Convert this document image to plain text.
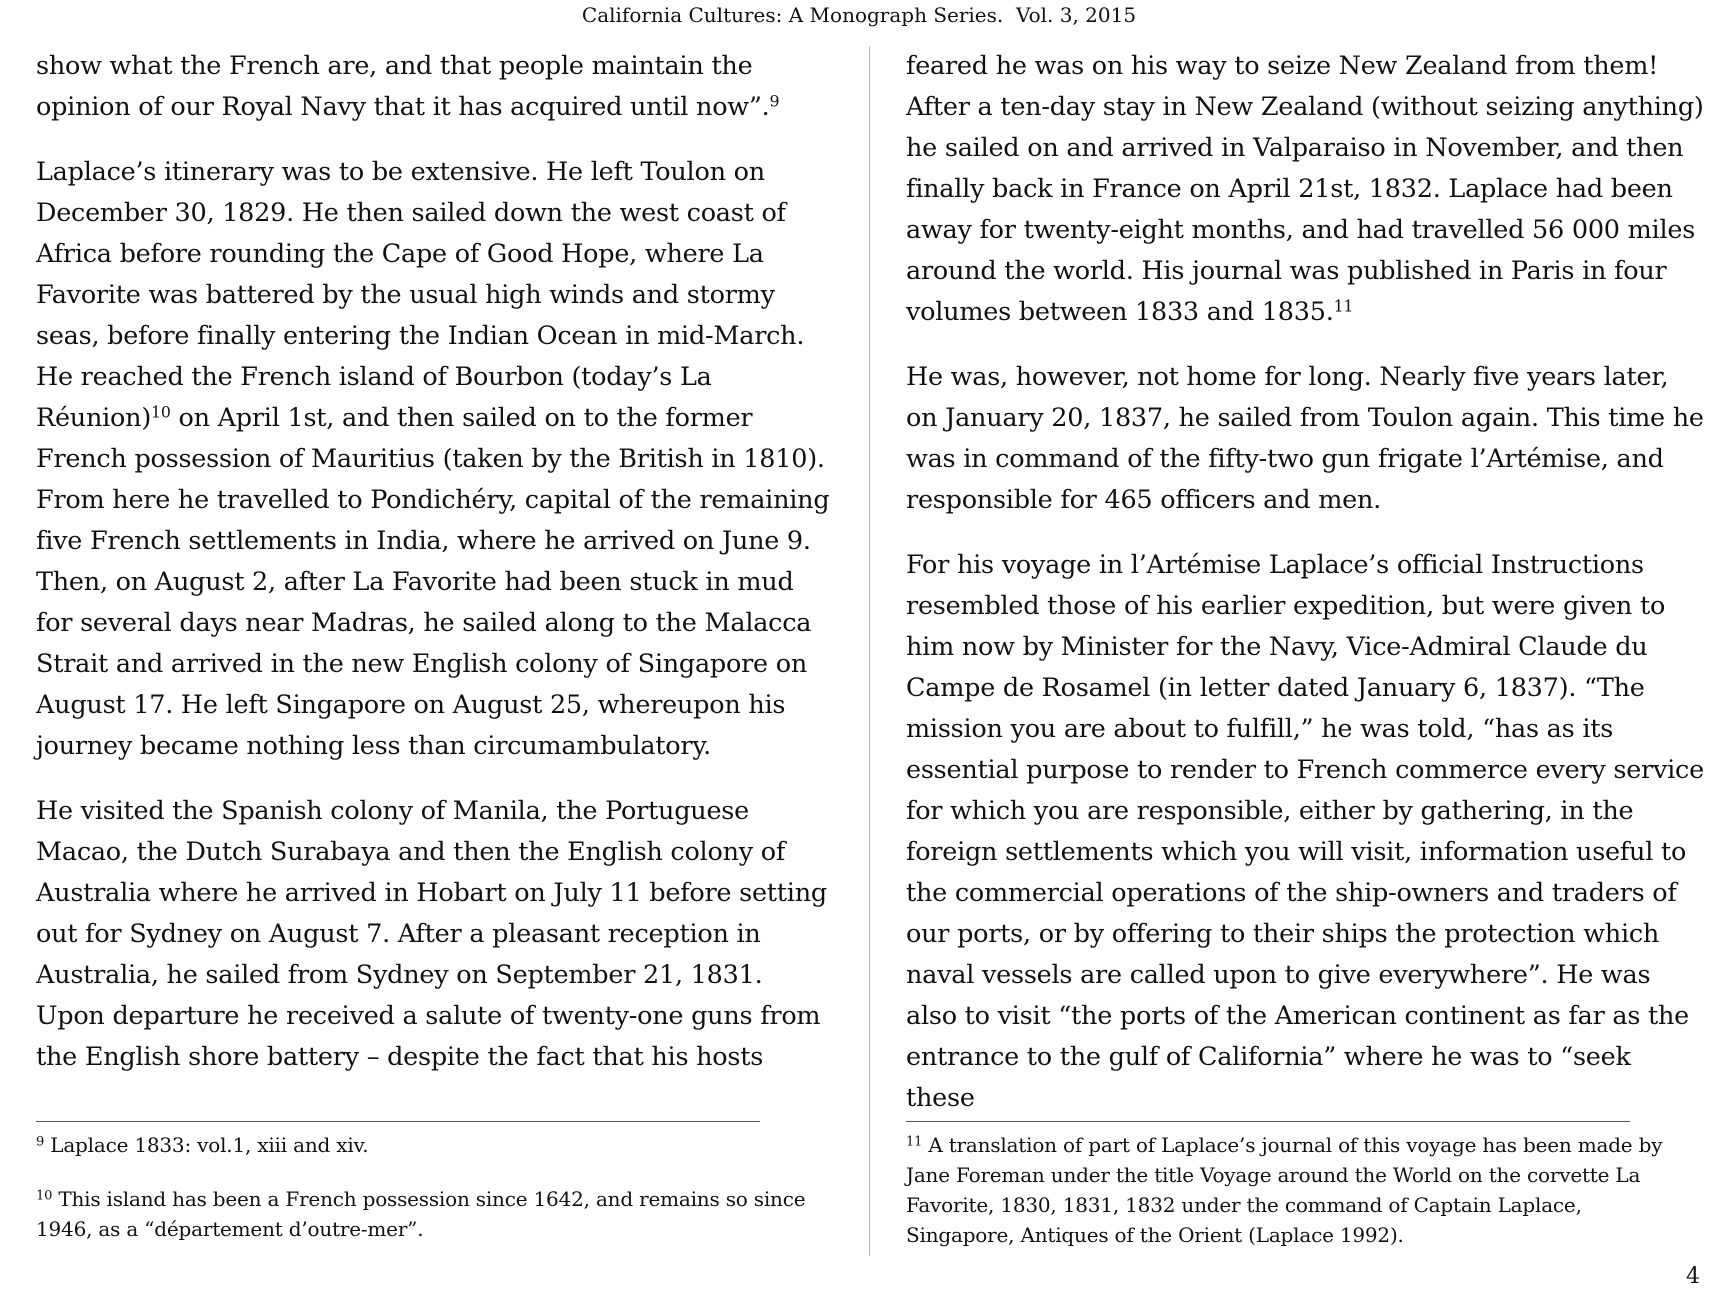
California Cultures: A Monograph Series.  Vol. 3, 2015

show what the French are, and that people maintain the opinion of our Royal Navy that it has acquired until now”.$^9$

Laplace’s itinerary was to be extensive. He left Toulon on December 30, 1829. He then sailed down the west coast of Africa before rounding the Cape of Good Hope, where La Favorite was battered by the usual high winds and stormy seas, before finally entering the Indian Ocean in mid-March. He reached the French island of Bourbon (today’s La Réunion)$^{10}$ on April 1st, and then sailed on to the former French possession of Mauritius (taken by the British in 1810). From here he travelled to Pondichéry, capital of the remaining five French settlements in India, where he arrived on June 9. Then, on August 2, after La Favorite had been stuck in mud for several days near Madras, he sailed along to the Malacca Strait and arrived in the new English colony of Singapore on August 17. He left Singapore on August 25, whereupon his journey became nothing less than circumambulatory.

He visited the Spanish colony of Manila, the Portuguese Macao, the Dutch Surabaya and then the English colony of Australia where he arrived in Hobart on July 11 before setting out for Sydney on August 7. After a pleasant reception in Australia, he sailed from Sydney on September 21, 1831. Upon departure he received a salute of twenty-one guns from the English shore battery – despite the fact that his hosts

feared he was on his way to seize New Zealand from them! After a ten-day stay in New Zealand (without seizing anything) he sailed on and arrived in Valparaiso in November, and then finally back in France on April 21st, 1832. Laplace had been away for twenty-eight months, and had travelled 56 000 miles around the world. His journal was published in Paris in four volumes between 1833 and 1835.11

He was, however, not home for long. Nearly five years later, on January 20, 1837, he sailed from Toulon again. This time he was in command of the fifty-two gun frigate l’Artémise, and responsible for 465 officers and men.

For his voyage in l’Artémise Laplace’s official Instructions resembled those of his earlier expedition, but were given to him now by Minister for the Navy, Vice-Admiral Claude du Campe de Rosamel (in letter dated January 6, 1837). “The mission you are about to fulfill,” he was told, “has as its essential purpose to render to French commerce every service for which you are responsible, either by gathering, in the foreign settlements which you will visit, information useful to the commercial operations of the ship-owners and traders of our ports, or by offering to their ships the protection which naval vessels are called upon to give everywhere”. He was also to visit “the ports of the American continent as far as the entrance to the gulf of California” where he was to “seek these

$^9$ Laplace 1833: vol.1, xiii and xiv.

$^{10}$ This island has been a French possession since 1642, and remains so since 1946, as a “département d’outre-mer”.

$^{11}$ A translation of part of Laplace’s journal of this voyage has been made by Jane Foreman under the title Voyage around the World on the corvette La Favorite, 1830, 1831, 1832 under the command of Captain Laplace, Singapore, Antiques of the Orient (Laplace 1992).

4
